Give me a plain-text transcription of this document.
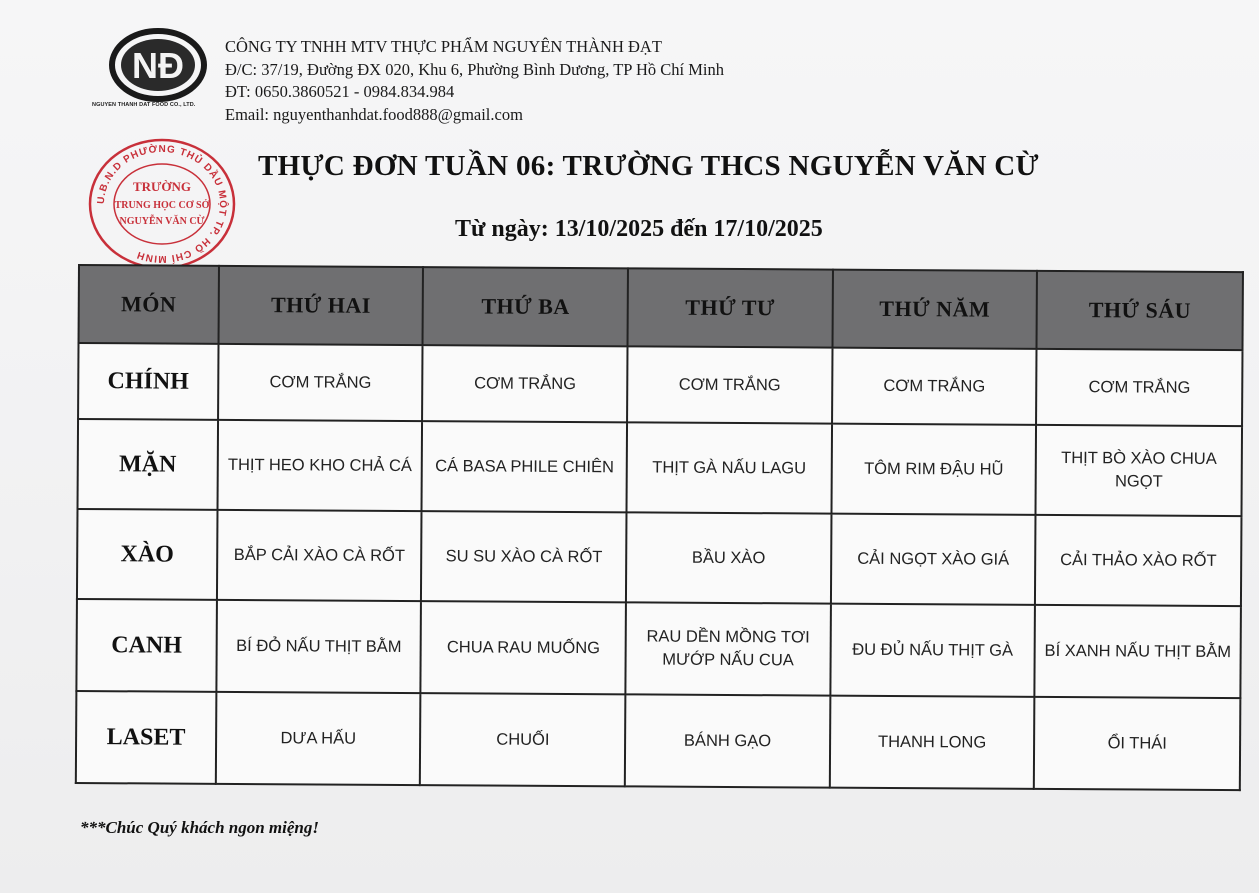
NĐ
NGUYEN THANH DAT FOOD CO., LTD.
CÔNG TY TNHH MTV THỰC PHẨM NGUYÊN THÀNH ĐẠT
Đ/C: 37/19, Đường ĐX 020, Khu 6, Phường Bình Dương, TP Hồ Chí Minh
ĐT: 0650.3860521 - 0984.834.984
Email: nguyenthanhdat.food888@gmail.com
U.B.N.D PHƯỜNG THỦ DẦU MỘT TP. HỒ CHÍ MINH
TRƯỜNG
TRUNG HỌC CƠ SỞ
NGUYỄN VĂN CỪ
THỰC ĐƠN TUẦN 06: TRƯỜNG THCS NGUYỄN VĂN CỪ
Từ ngày: 13/10/2025 đến 17/10/2025
MÓN	THỨ HAI	THỨ BA	THỨ TƯ	THỨ NĂM	THỨ SÁU
CHÍNH	CƠM TRẮNG	CƠM TRẮNG	CƠM TRẮNG	CƠM TRẮNG	CƠM TRẮNG
MẶN	THỊT HEO KHO CHẢ CÁ	CÁ BASA PHILE CHIÊN	THỊT GÀ NẤU LAGU	TÔM RIM ĐẬU HŨ	THỊT BÒ XÀO CHUA NGỌT
XÀO	BẮP CẢI XÀO CÀ RỐT	SU SU XÀO CÀ RỐT	BẦU XÀO	CẢI NGỌT XÀO GIÁ	CẢI THẢO XÀO RỐT
CANH	BÍ ĐỎ NẤU THỊT BẰM	CHUA RAU MUỐNG	RAU DỀN MỒNG TƠI MƯỚP NẤU CUA	ĐU ĐỦ NẤU THỊT GÀ	BÍ XANH NẤU THỊT BẰM
LASET	DƯA HẤU	CHUỐI	BÁNH GẠO	THANH LONG	ỔI THÁI
***Chúc Quý khách ngon miệng!
